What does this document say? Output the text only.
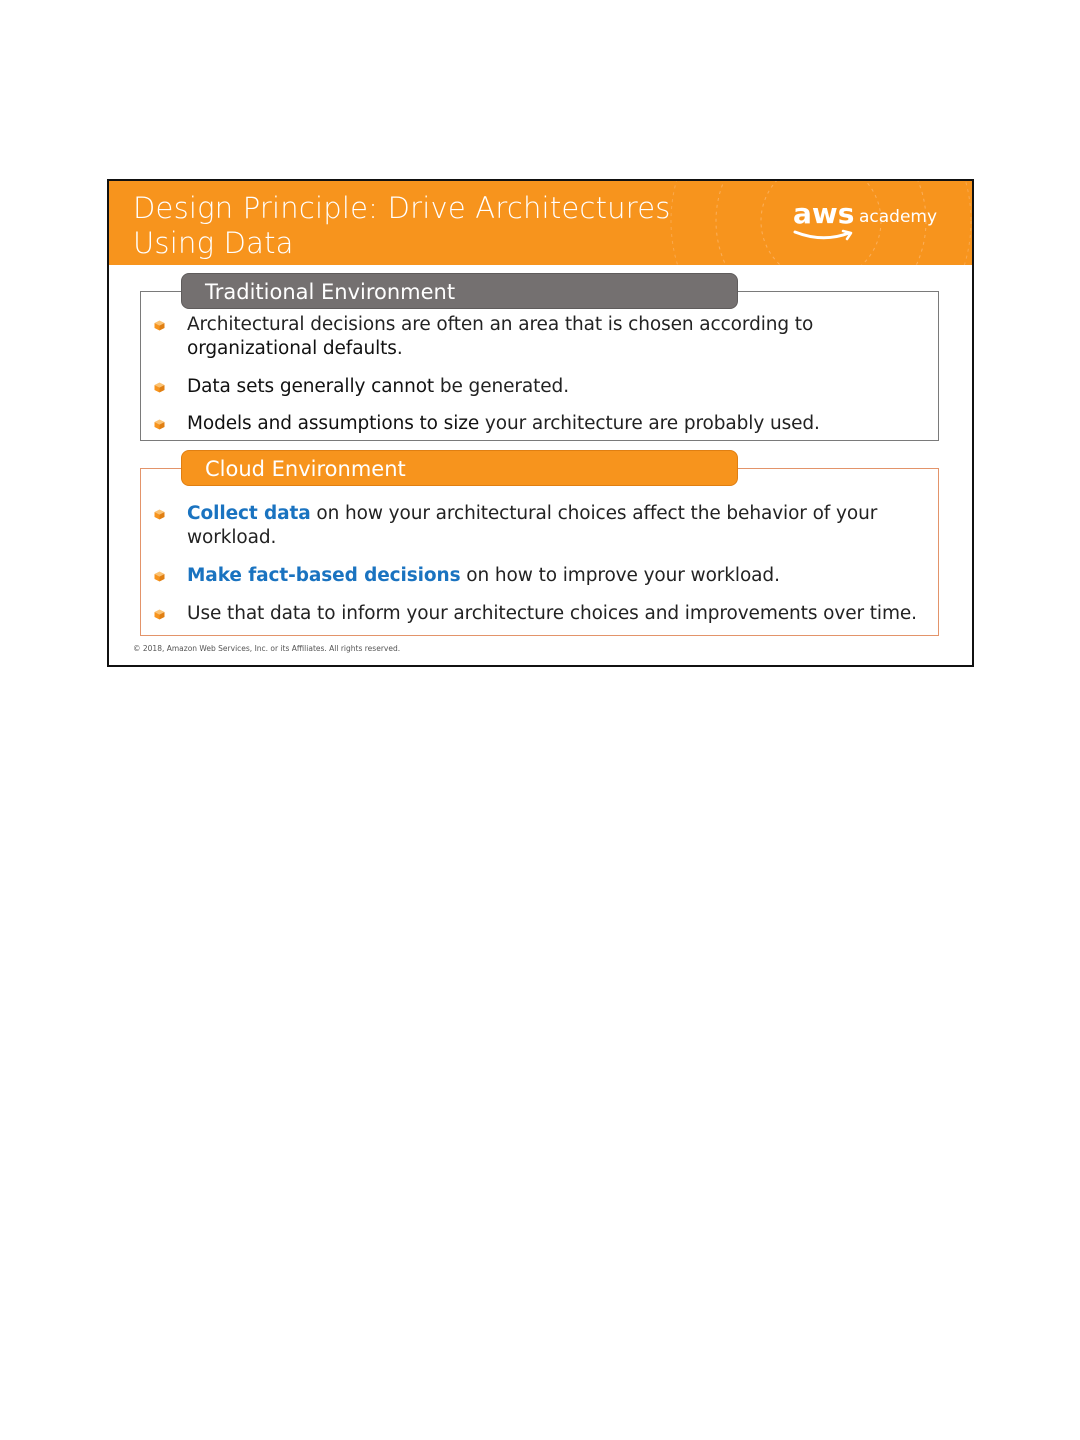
Design Principle: Drive Architectures
Using Data
aws academy
Traditional Environment
Architectural decisions are often an area that is chosen according to
organizational defaults.
Data sets generally cannot be generated.
Models and assumptions to size your architecture are probably used.
Cloud Environment
Collect data on how your architectural choices affect the behavior of your
workload.
Make fact-based decisions on how to improve your workload.
Use that data to inform your architecture choices and improvements over time.
© 2018, Amazon Web Services, Inc. or its Affiliates. All rights reserved.
